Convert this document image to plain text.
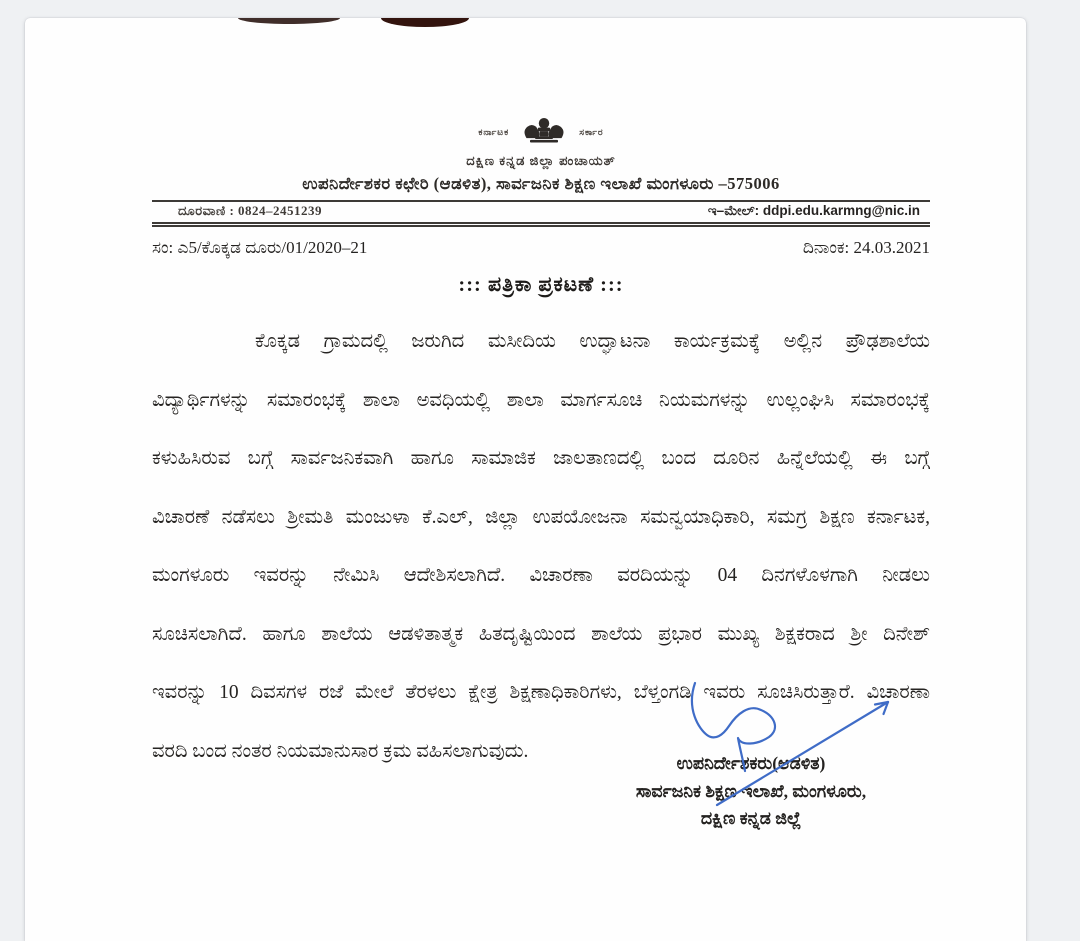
ಕರ್ನಾಟಕ	ಸರ್ಕಾರ
ದಕ್ಷಿಣ ಕನ್ನಡ ಜಿಲ್ಲಾ ಪಂಚಾಯತ್
ಉಪನಿರ್ದೇಶಕರ ಕಛೇರಿ (ಆಡಳಿತ), ಸಾರ್ವಜನಿಕ ಶಿಕ್ಷಣ ಇಲಾಖೆ ಮಂಗಳೂರು –575006
ದೂರವಾಣಿ : 0824–2451239	ಇ–ಮೇಲ್: ddpi.edu.karmng@nic.in
ಸಂ: ಎ5/ಕೊಕ್ಕಡ ದೂರು/01/2020–21	ದಿನಾಂಕ: 24.03.2021
::: ಪತ್ರಿಕಾ ಪ್ರಕಟಣೆ :::
ಕೊಕ್ಕಡ ಗ್ರಾಮದಲ್ಲಿ ಜರುಗಿದ ಮಸೀದಿಯ ಉದ್ಘಾಟನಾ ಕಾರ್ಯಕ್ರಮಕ್ಕೆ ಅಲ್ಲಿನ ಪ್ರೌಢಶಾಲೆಯ
ವಿದ್ಯಾರ್ಥಿಗಳನ್ನು ಸಮಾರಂಭಕ್ಕೆ ಶಾಲಾ ಅವಧಿಯಲ್ಲಿ ಶಾಲಾ ಮಾರ್ಗಸೂಚಿ ನಿಯಮಗಳನ್ನು ಉಲ್ಲಂಘಿಸಿ ಸಮಾರಂಭಕ್ಕೆ
ಕಳುಹಿಸಿರುವ ಬಗ್ಗೆ ಸಾರ್ವಜನಿಕವಾಗಿ ಹಾಗೂ ಸಾಮಾಜಿಕ ಜಾಲತಾಣದಲ್ಲಿ ಬಂದ ದೂರಿನ ಹಿನ್ನೆಲೆಯಲ್ಲಿ ಈ ಬಗ್ಗೆ
ವಿಚಾರಣೆ ನಡೆಸಲು ಶ್ರೀಮತಿ ಮಂಜುಳಾ ಕೆ.ಎಲ್, ಜಿಲ್ಲಾ ಉಪಯೋಜನಾ ಸಮನ್ವಯಾಧಿಕಾರಿ, ಸಮಗ್ರ ಶಿಕ್ಷಣ ಕರ್ನಾಟಕ,
ಮಂಗಳೂರು ಇವರನ್ನು ನೇಮಿಸಿ ಆದೇಶಿಸಲಾಗಿದೆ. ವಿಚಾರಣಾ ವರದಿಯನ್ನು 04 ದಿನಗಳೊಳಗಾಗಿ ನೀಡಲು
ಸೂಚಿಸಲಾಗಿದೆ. ಹಾಗೂ ಶಾಲೆಯ ಆಡಳಿತಾತ್ಮಕ ಹಿತದೃಷ್ಟಿಯಿಂದ ಶಾಲೆಯ ಪ್ರಭಾರ ಮುಖ್ಯ ಶಿಕ್ಷಕರಾದ ಶ್ರೀ ದಿನೇಶ್
ಇವರನ್ನು 10 ದಿವಸಗಳ ರಜೆ ಮೇಲೆ ತೆರಳಲು ಕ್ಷೇತ್ರ ಶಿಕ್ಷಣಾಧಿಕಾರಿಗಳು, ಬೆಳ್ತಂಗಡಿ ಇವರು ಸೂಚಿಸಿರುತ್ತಾರೆ. ವಿಚಾರಣಾ
ವರದಿ ಬಂದ ನಂತರ ನಿಯಮಾನುಸಾರ ಕ್ರಮ ವಹಿಸಲಾಗುವುದು.
ಉಪನಿರ್ದೇಶಕರು(ಆಡಳಿತ)
ಸಾರ್ವಜನಿಕ ಶಿಕ್ಷಣ ಇಲಾಖೆ, ಮಂಗಳೂರು,
ದಕ್ಷಿಣ ಕನ್ನಡ ಜಿಲ್ಲೆ
